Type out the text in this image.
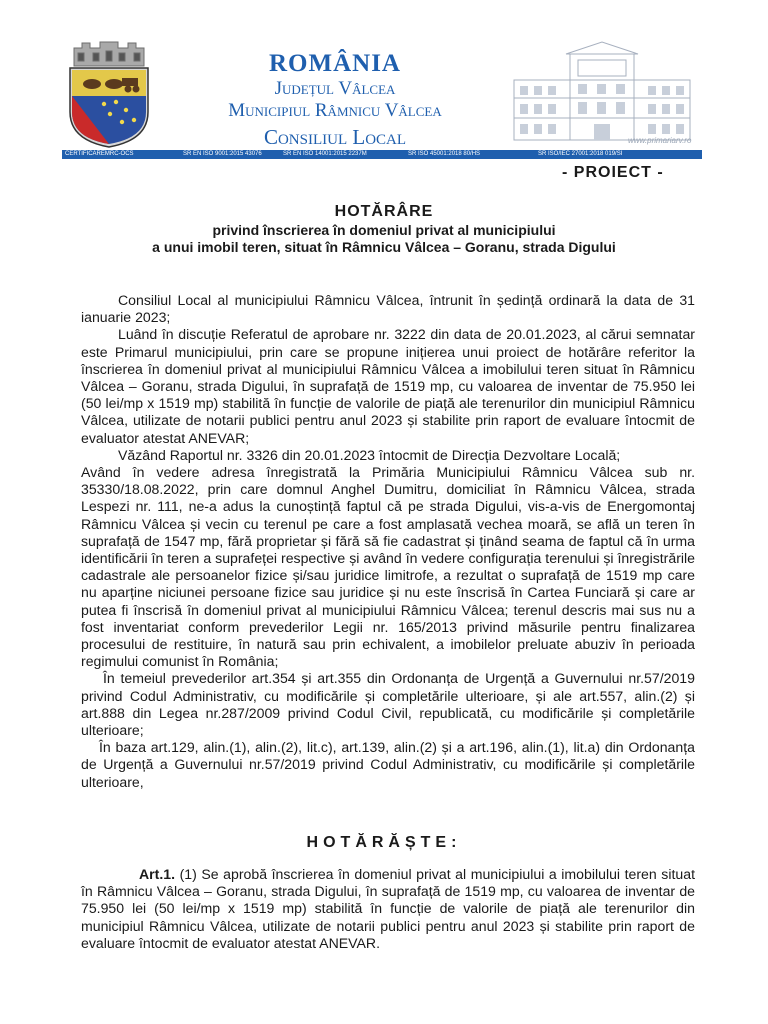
ROMÂNIA
Județul Vâlcea
Municipiul Râmnicu Vâlcea
Consiliul Local	www.primariarv.ro
CERTIFICAREMRC-OCS	SR EN ISO 9001:2015 43076	SR EN ISO 14001:2015 2237M	SR ISO 45001:2018 80/HS	SR ISO/IEC 27001:2018 019/SI
- PROIECT -
HOTĂRÂRE
privind înscrierea în domeniul privat al municipiului
a unui imobil teren, situat în Râmnicu Vâlcea – Goranu, strada Digului

Consiliul Local al municipiului Râmnicu Vâlcea, întrunit în ședință ordinară la data de 31 ianuarie 2023;

Luând în discuție Referatul de aprobare nr. 3222 din data de 20.01.2023, al cărui semnatar este Primarul municipiului, prin care se propune inițierea unui proiect de hotărâre referitor la înscrierea în domeniul privat al municipiului Râmnicu Vâlcea a imobilului teren situat în Râmnicu Vâlcea – Goranu, strada Digului, în suprafață de 1519 mp, cu valoarea de inventar de 75.950 lei (50 lei/mp x 1519 mp) stabilită în funcție de valorile de piață ale terenurilor din municipiul Râmnicu Vâlcea, utilizate de notarii publici pentru anul 2023 și stabilite prin raport de evaluare întocmit de evaluator atestat ANEVAR;

Văzând Raportul nr. 3326 din 20.01.2023 întocmit de Direcția Dezvoltare Locală;

Având în vedere adresa înregistrată la Primăria Municipiului Râmnicu Vâlcea sub nr. 35330/18.08.2022, prin care domnul Anghel Dumitru, domiciliat în Râmnicu Vâlcea, strada Lespezi nr. 111, ne-a adus la cunoștință faptul că pe strada Digului, vis-a-vis de Energomontaj Râmnicu Vâlcea și vecin cu terenul pe care a fost amplasată vechea moară, se află un teren în suprafață de 1547 mp, fără proprietar și fără să fie cadastrat și ținând seama de faptul că în urma identificării în teren a suprafeței respective și având în vedere configurația terenului și înregistrările cadastrale ale persoanelor fizice și/sau juridice limitrofe, a rezultat o suprafață de 1519 mp care nu aparține niciunei persoane fizice sau juridice și nu este înscrisă în Cartea Funciară și care ar putea fi înscrisă în domeniul privat al municipiului Râmnicu Vâlcea; terenul descris mai sus nu a fost inventariat conform prevederilor Legii nr. 165/2013 privind măsurile pentru finalizarea procesului de restituire, în natură sau prin echivalent, a imobilelor preluate abuziv în perioada regimului comunist în România;

În temeiul prevederilor art.354 și art.355 din Ordonanța de Urgență a Guvernului nr.57/2019 privind Codul Administrativ, cu modificările și completările ulterioare, și ale art.557, alin.(2) și art.888 din Legea nr.287/2009 privind Codul Civil, republicată, cu modificările și completările ulterioare;

În baza art.129, alin.(1), alin.(2), lit.c), art.139, alin.(2) și a art.196, alin.(1), lit.a) din Ordonanța de Urgență a Guvernului nr.57/2019 privind Codul Administrativ, cu modificările și completările ulterioare,

HOTĂRĂȘTE:

Art.1. (1) Se aprobă înscrierea în domeniul privat al municipiului a imobilului teren situat în Râmnicu Vâlcea – Goranu, strada Digului, în suprafață de 1519 mp, cu valoarea de inventar de 75.950 lei (50 lei/mp x 1519 mp) stabilită în funcție de valorile de piață ale terenurilor din municipiul Râmnicu Vâlcea, utilizate de notarii publici pentru anul 2023 și stabilite prin raport de evaluare întocmit de evaluator atestat ANEVAR.
